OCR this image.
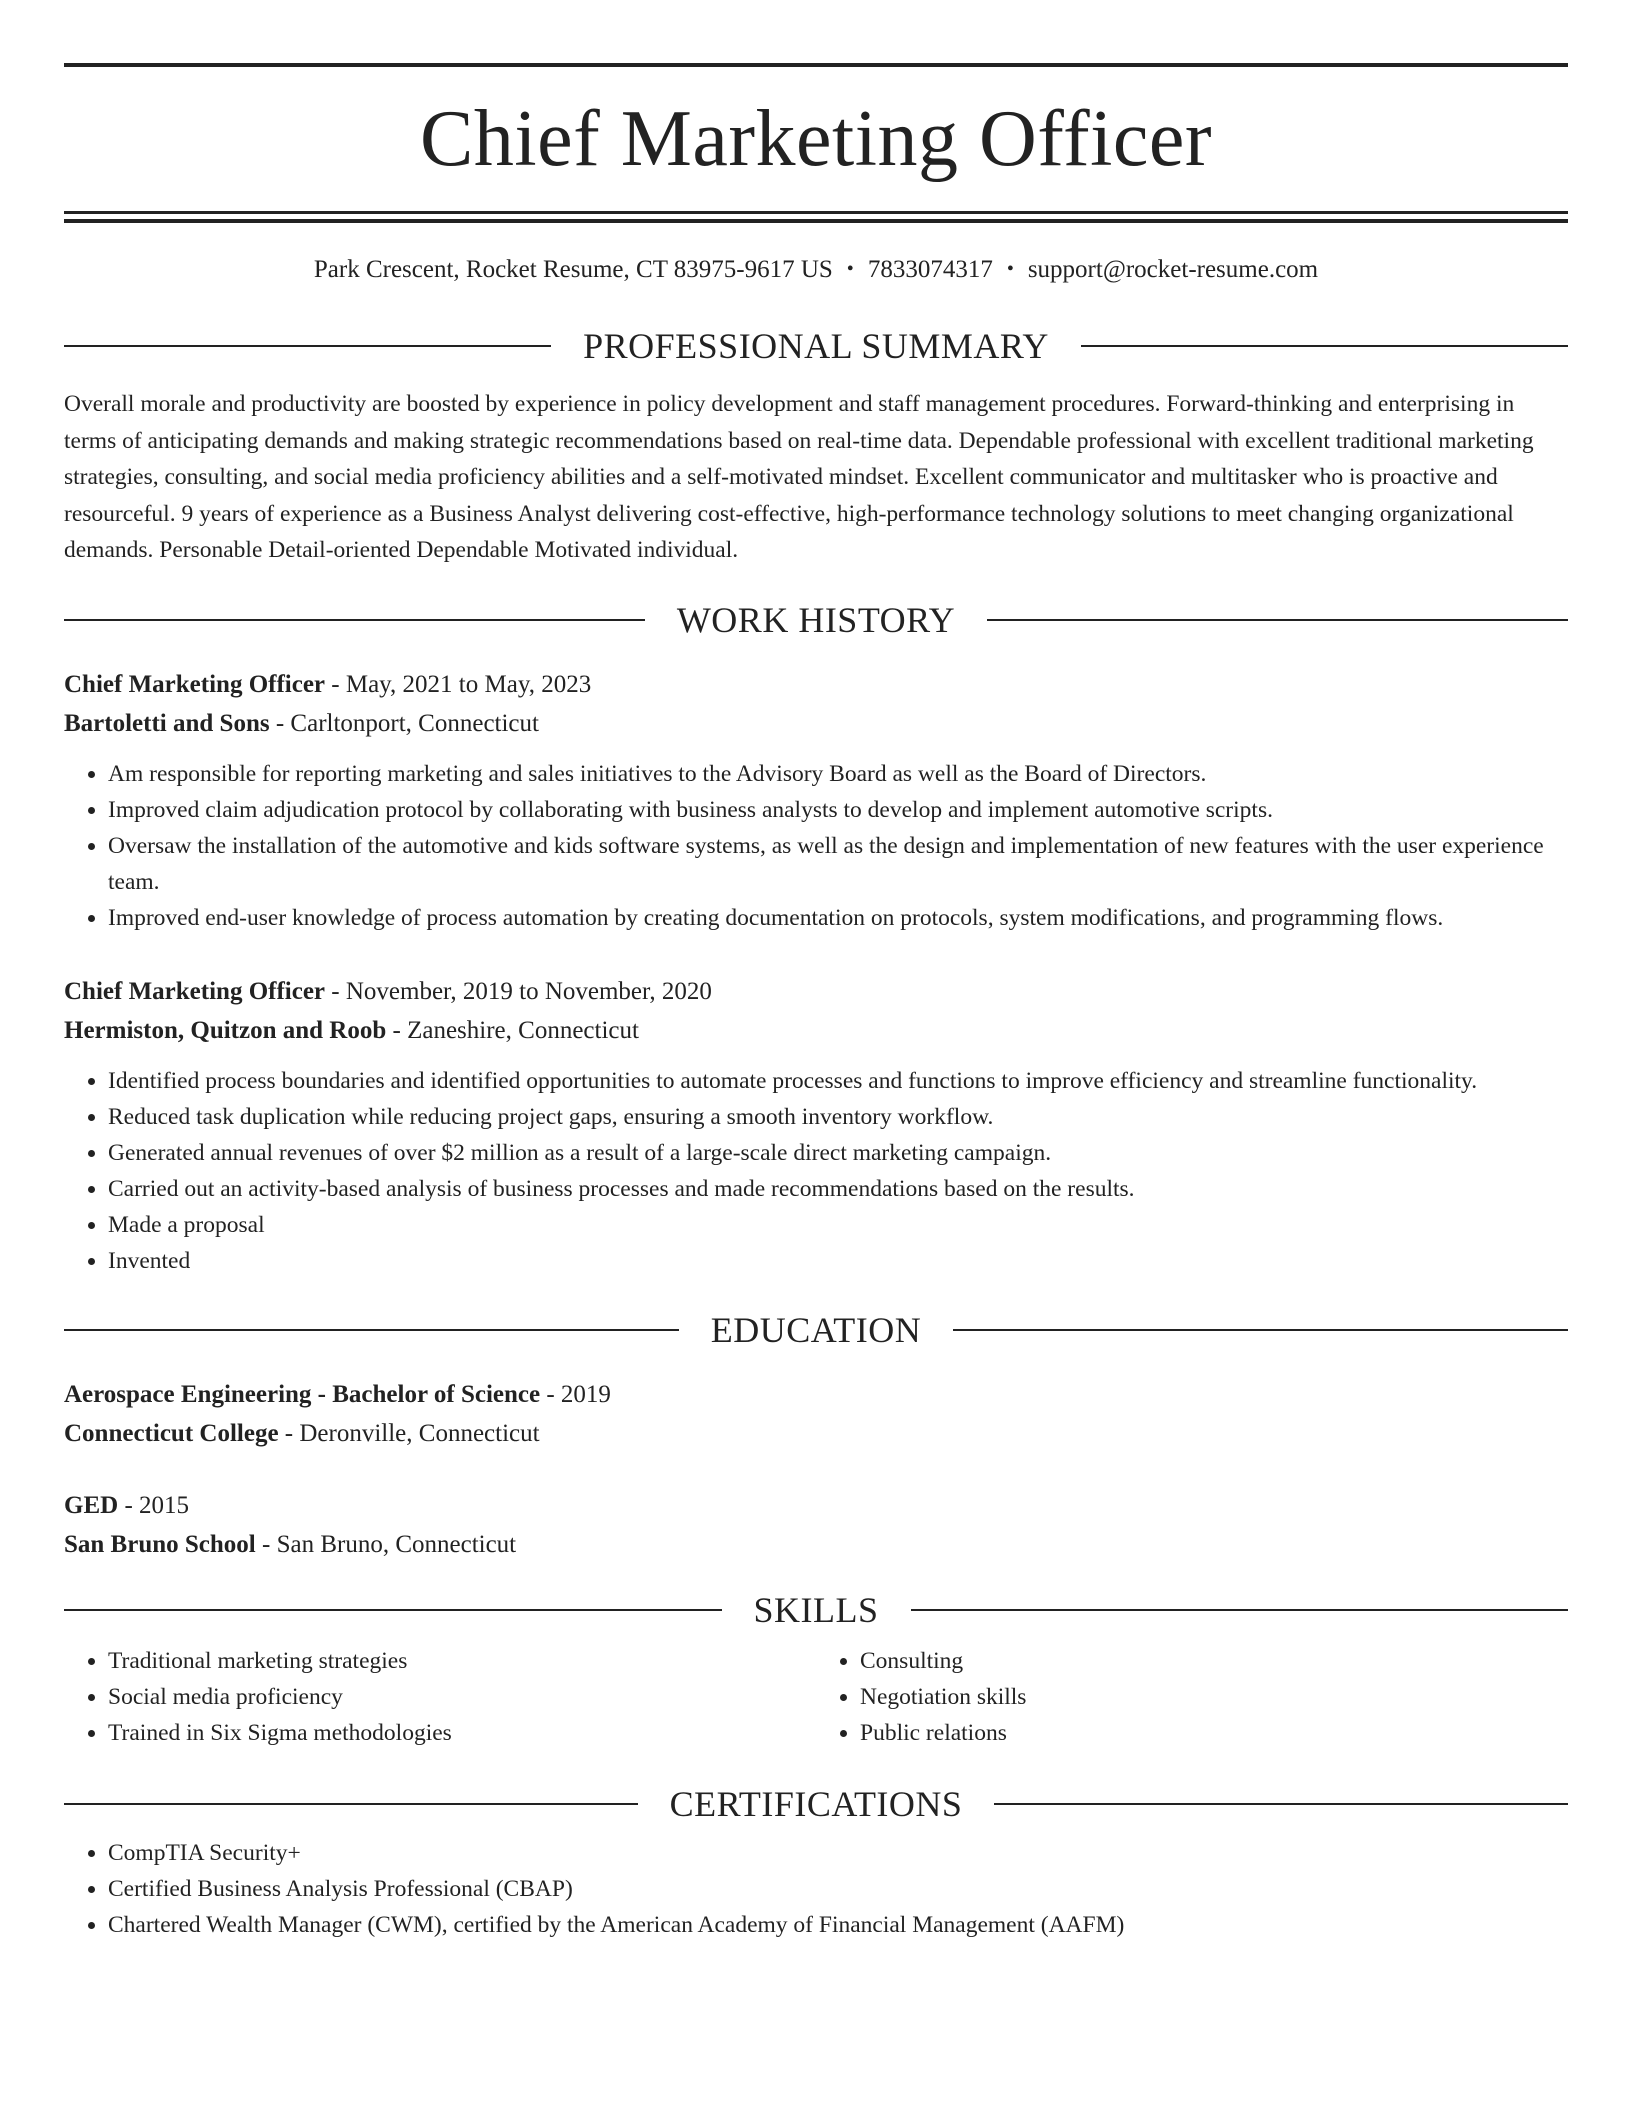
Chief Marketing Officer
Park Crescent, Rocket Resume, CT 83975-9617 US • 7833074317 • support@rocket-resume.com
PROFESSIONAL SUMMARY
Overall morale and productivity are boosted by experience in policy development and staff management procedures. Forward-thinking and enterprising in terms of anticipating demands and making strategic recommendations based on real-time data. Dependable professional with excellent traditional marketing strategies, consulting, and social media proficiency abilities and a self-motivated mindset. Excellent communicator and multitasker who is proactive and resourceful. 9 years of experience as a Business Analyst delivering cost-effective, high-performance technology solutions to meet changing organizational demands. Personable Detail-oriented Dependable Motivated individual.
WORK HISTORY
Chief Marketing Officer - May, 2021 to May, 2023
Bartoletti and Sons - Carltonport, Connecticut
• Am responsible for reporting marketing and sales initiatives to the Advisory Board as well as the Board of Directors.
• Improved claim adjudication protocol by collaborating with business analysts to develop and implement automotive scripts.
• Oversaw the installation of the automotive and kids software systems, as well as the design and implementation of new features with the user experience team.
• Improved end-user knowledge of process automation by creating documentation on protocols, system modifications, and programming flows.
Chief Marketing Officer - November, 2019 to November, 2020
Hermiston, Quitzon and Roob - Zaneshire, Connecticut
• Identified process boundaries and identified opportunities to automate processes and functions to improve efficiency and streamline functionality.
• Reduced task duplication while reducing project gaps, ensuring a smooth inventory workflow.
• Generated annual revenues of over $2 million as a result of a large-scale direct marketing campaign.
• Carried out an activity-based analysis of business processes and made recommendations based on the results.
• Made a proposal
• Invented
EDUCATION
Aerospace Engineering - Bachelor of Science - 2019
Connecticut College - Deronville, Connecticut
GED - 2015
San Bruno School - San Bruno, Connecticut
SKILLS
• Traditional marketing strategies
• Social media proficiency
• Trained in Six Sigma methodologies
• Consulting
• Negotiation skills
• Public relations
CERTIFICATIONS
• CompTIA Security+
• Certified Business Analysis Professional (CBAP)
• Chartered Wealth Manager (CWM), certified by the American Academy of Financial Management (AAFM)
